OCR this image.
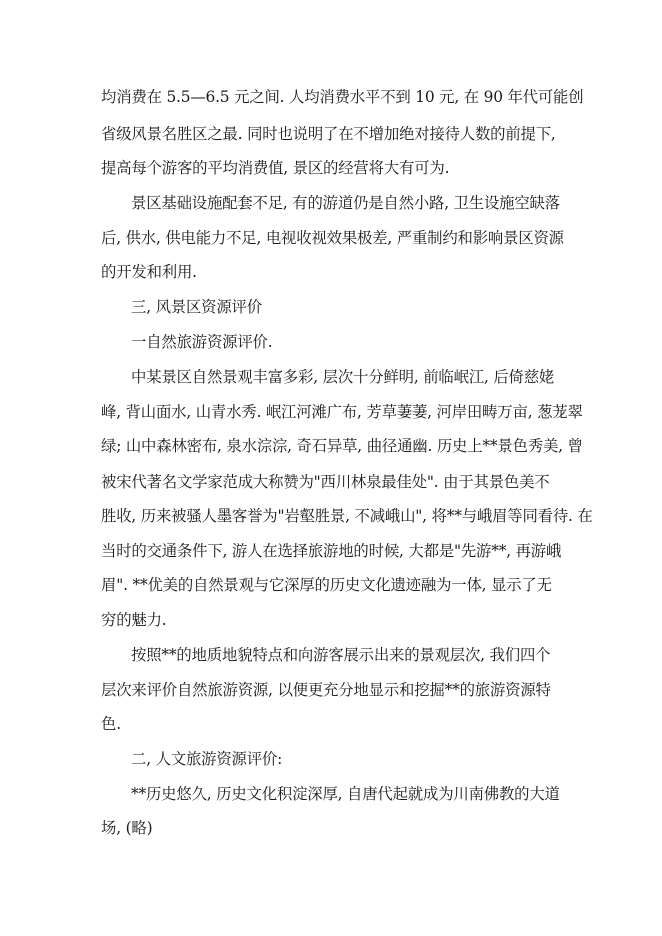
均消费在 5.5—6.5 元之间. 人均消费水平不到 10 元, 在 90 年代可能创
省级风景名胜区之最. 同时也说明了在不增加绝对接待人数的前提下,
提高每个游客的平均消费值, 景区的经营将大有可为.
景区基础设施配套不足, 有的游道仍是自然小路, 卫生设施空缺落
后, 供水, 供电能力不足, 电视收视效果极差, 严重制约和影响景区资源
的开发和利用.
三, 风景区资源评价
一自然旅游资源评价.
中某景区自然景观丰富多彩, 层次十分鲜明, 前临岷江, 后倚慈姥
峰, 背山面水, 山青水秀. 岷江河滩广布, 芳草萋萋, 河岸田畴万亩, 葱茏翠
绿; 山中森林密布, 泉水淙淙, 奇石异草, 曲径通幽. 历史上**景色秀美, 曾
被宋代著名文学家范成大称赞为"西川林泉最佳处". 由于其景色美不
胜收, 历来被骚人墨客誉为"岩壑胜景, 不减峨山", 将**与峨眉等同看待. 在
当时的交通条件下, 游人在选择旅游地的时候, 大都是"先游**, 再游峨
眉". **优美的自然景观与它深厚的历史文化遗迹融为一体, 显示了无
穷的魅力.
按照**的地质地貌特点和向游客展示出来的景观层次, 我们四个
层次来评价自然旅游资源, 以便更充分地显示和挖掘**的旅游资源特
色.
二, 人文旅游资源评价:
**历史悠久, 历史文化积淀深厚, 自唐代起就成为川南佛教的大道
场, (略)
